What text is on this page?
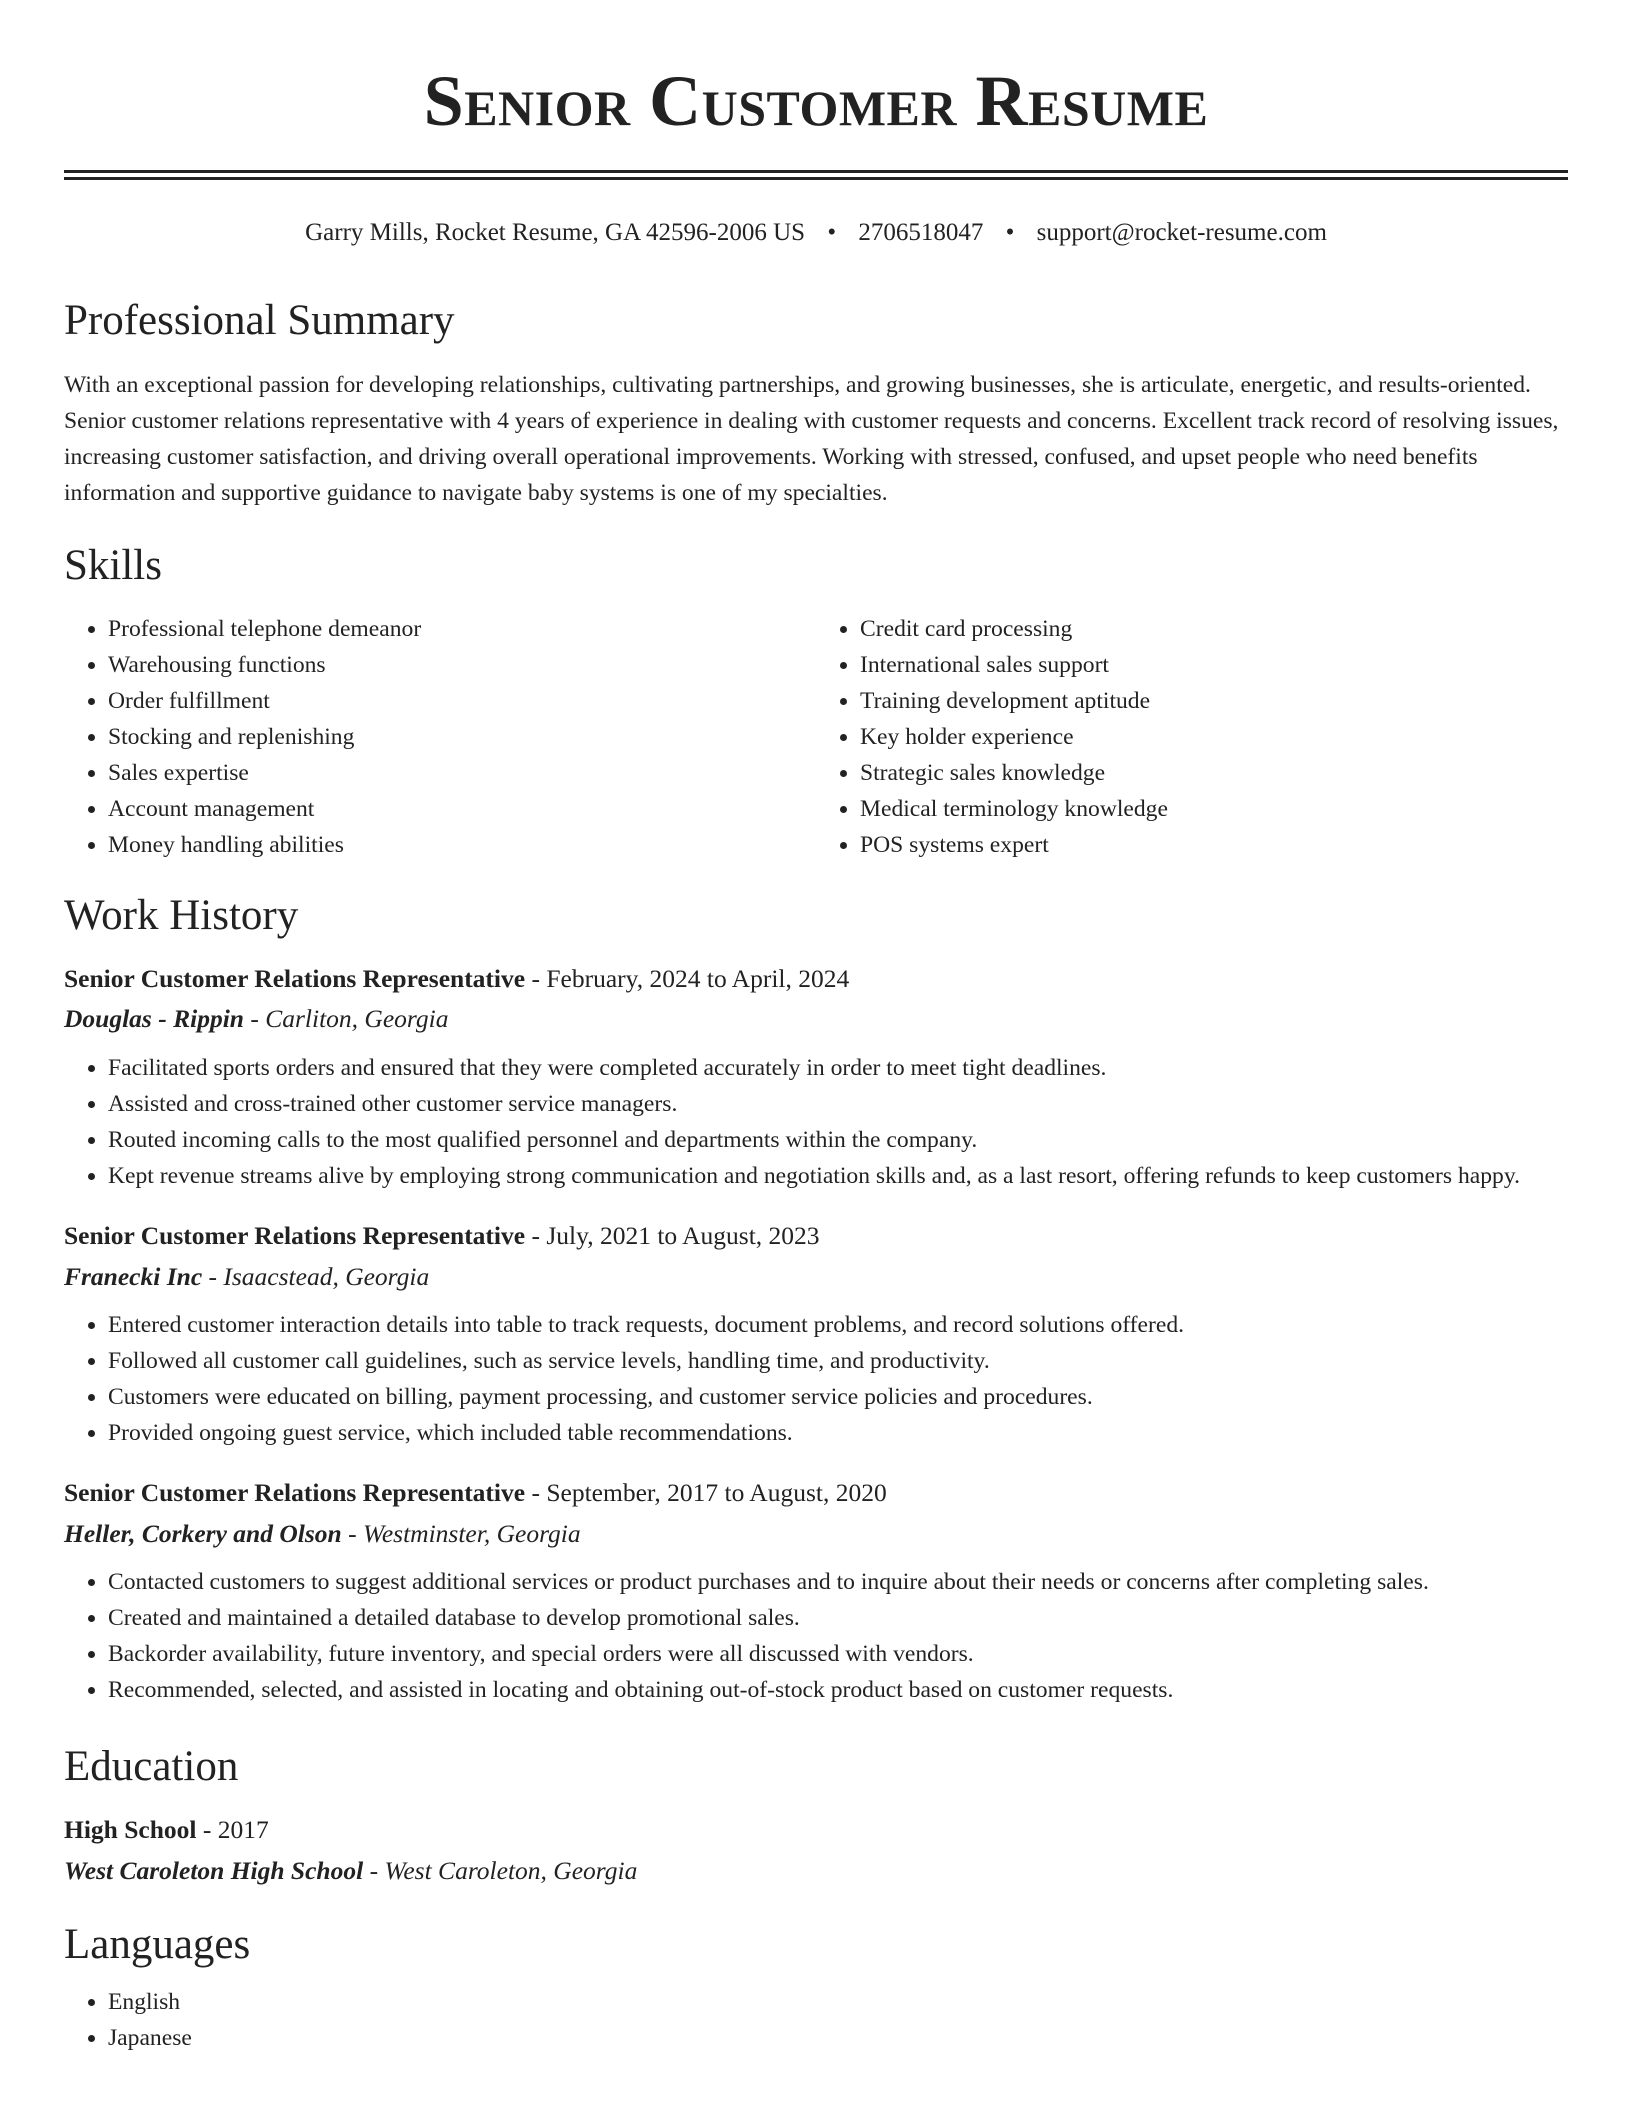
Senior Customer Resume
Garry Mills, Rocket Resume, GA 42596-2006 US • 2706518047 • support@rocket-resume.com
Professional Summary

With an exceptional passion for developing relationships, cultivating partnerships, and growing businesses, she is articulate, energetic, and results-oriented. Senior customer relations representative with 4 years of experience in dealing with customer requests and concerns. Excellent track record of resolving issues, increasing customer satisfaction, and driving overall operational improvements. Working with stressed, confused, and upset people who need benefits information and supportive guidance to navigate baby systems is one of my specialties.

Skills
• Professional telephone demeanor
• Warehousing functions
• Order fulfillment
• Stocking and replenishing
• Sales expertise
• Account management
• Money handling abilities
• Credit card processing
• International sales support
• Training development aptitude
• Key holder experience
• Strategic sales knowledge
• Medical terminology knowledge
• POS systems expert
Work History
Senior Customer Relations Representative - February, 2024 to April, 2024
Douglas - Rippin - Carliton, Georgia
• Facilitated sports orders and ensured that they were completed accurately in order to meet tight deadlines.
• Assisted and cross-trained other customer service managers.
• Routed incoming calls to the most qualified personnel and departments within the company.
• Kept revenue streams alive by employing strong communication and negotiation skills and, as a last resort, offering refunds to keep customers happy.
Senior Customer Relations Representative - July, 2021 to August, 2023
Franecki Inc - Isaacstead, Georgia
• Entered customer interaction details into table to track requests, document problems, and record solutions offered.
• Followed all customer call guidelines, such as service levels, handling time, and productivity.
• Customers were educated on billing, payment processing, and customer service policies and procedures.
• Provided ongoing guest service, which included table recommendations.
Senior Customer Relations Representative - September, 2017 to August, 2020
Heller, Corkery and Olson - Westminster, Georgia
• Contacted customers to suggest additional services or product purchases and to inquire about their needs or concerns after completing sales.
• Created and maintained a detailed database to develop promotional sales.
• Backorder availability, future inventory, and special orders were all discussed with vendors.
• Recommended, selected, and assisted in locating and obtaining out-of-stock product based on customer requests.
Education
High School - 2017
West Caroleton High School - West Caroleton, Georgia
Languages
• English
• Japanese
